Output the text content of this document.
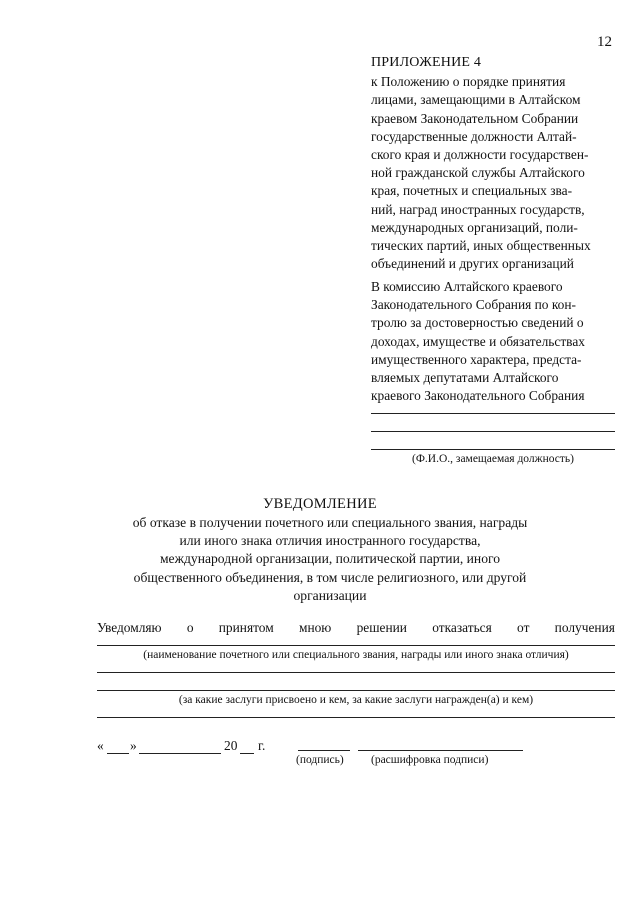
12
ПРИЛОЖЕНИЕ 4
к Положению о порядке принятия
лицами, замещающими в Алтайском
краевом Законодательном Собрании
государственные должности Алтай-
ского края и должности государствен-
ной гражданской службы Алтайского
края, почетных и специальных зва-
ний, наград иностранных государств,
международных организаций, поли-
тических партий, иных общественных
объединений и других организаций
В комиссию Алтайского краевого
Законодательного Собрания по кон-
тролю за достоверностью сведений о
доходах, имуществе и обязательствах
имущественного характера, предста-
вляемых депутатами Алтайского
краевого Законодательного Собрания
(Ф.И.О., замещаемая должность)
УВЕДОМЛЕНИЕ
об отказе в получении почетного или специального звания, награды
или иного знака отличия иностранного государства,
международной организации, политической партии, иного
общественного объединения, в том числе религиозного, или другой
организации
Уведомляю о принятом мною решении отказаться от получения
(наименование почетного или специального звания, награды или иного знака отличия)
(за какие заслуги присвоено и кем, за какие заслуги награжден(а) и кем)
« »	20 г.
(подпись) (расшифровка подписи)
